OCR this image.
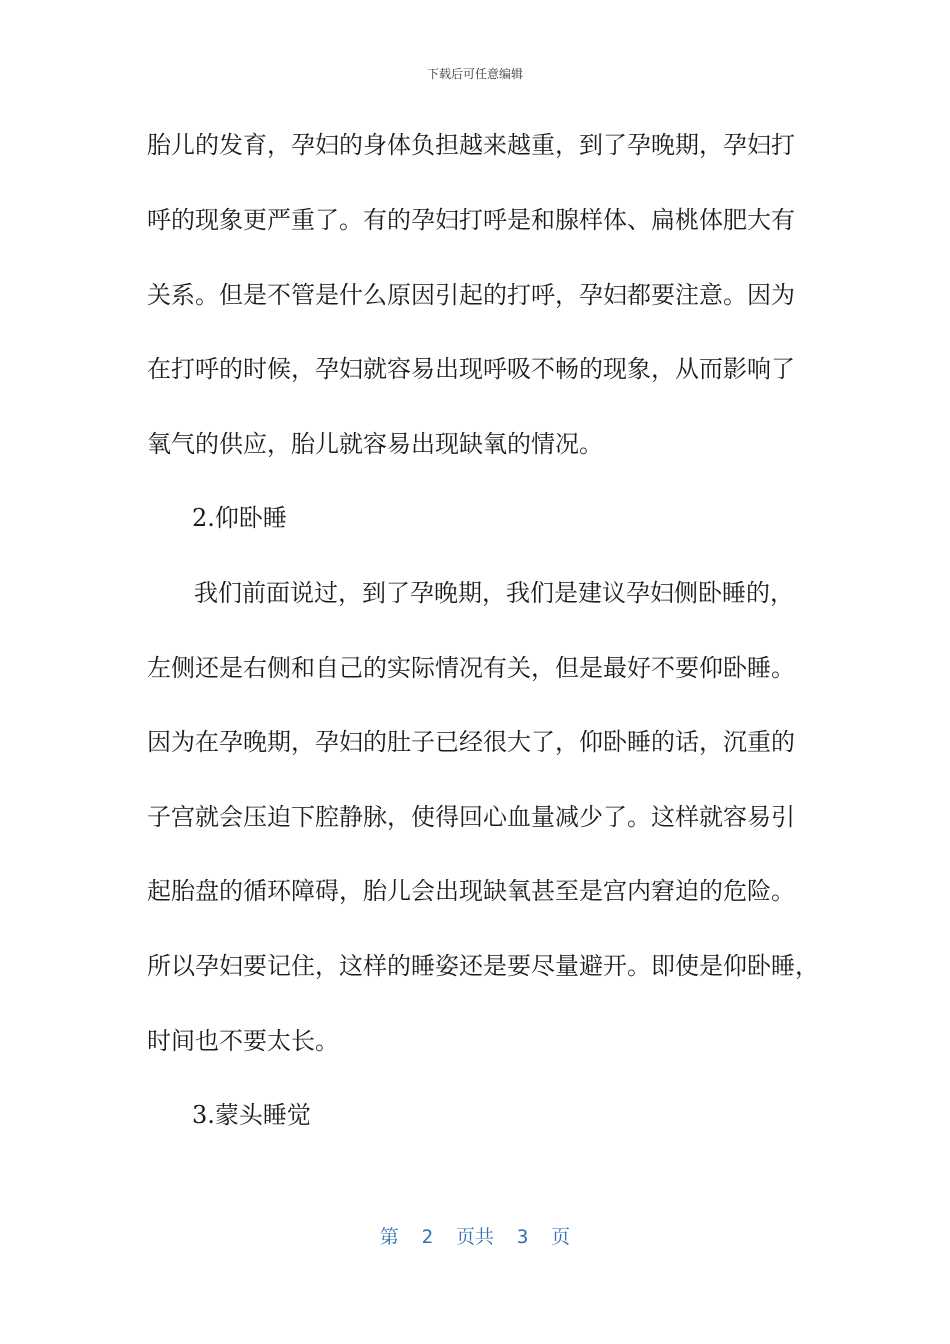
下载后可任意编辑
胎儿的发育，孕妇的身体负担越来越重，到了孕晚期，孕妇打
呼的现象更严重了。有的孕妇打呼是和腺样体、扁桃体肥大有
关系。但是不管是什么原因引起的打呼，孕妇都要注意。因为
在打呼的时候，孕妇就容易出现呼吸不畅的现象，从而影响了
氧气的供应，胎儿就容易出现缺氧的情况。
2.仰卧睡
我们前面说过，到了孕晚期，我们是建议孕妇侧卧睡的，
左侧还是右侧和自己的实际情况有关，但是最好不要仰卧睡。
因为在孕晚期，孕妇的肚子已经很大了，仰卧睡的话，沉重的
子宫就会压迫下腔静脉，使得回心血量减少了。这样就容易引
起胎盘的循环障碍，胎儿会出现缺氧甚至是宫内窘迫的危险。
所以孕妇要记住，这样的睡姿还是要尽量避开。即使是仰卧睡，
时间也不要太长。
3.蒙头睡觉
第  2  页共  3  页
